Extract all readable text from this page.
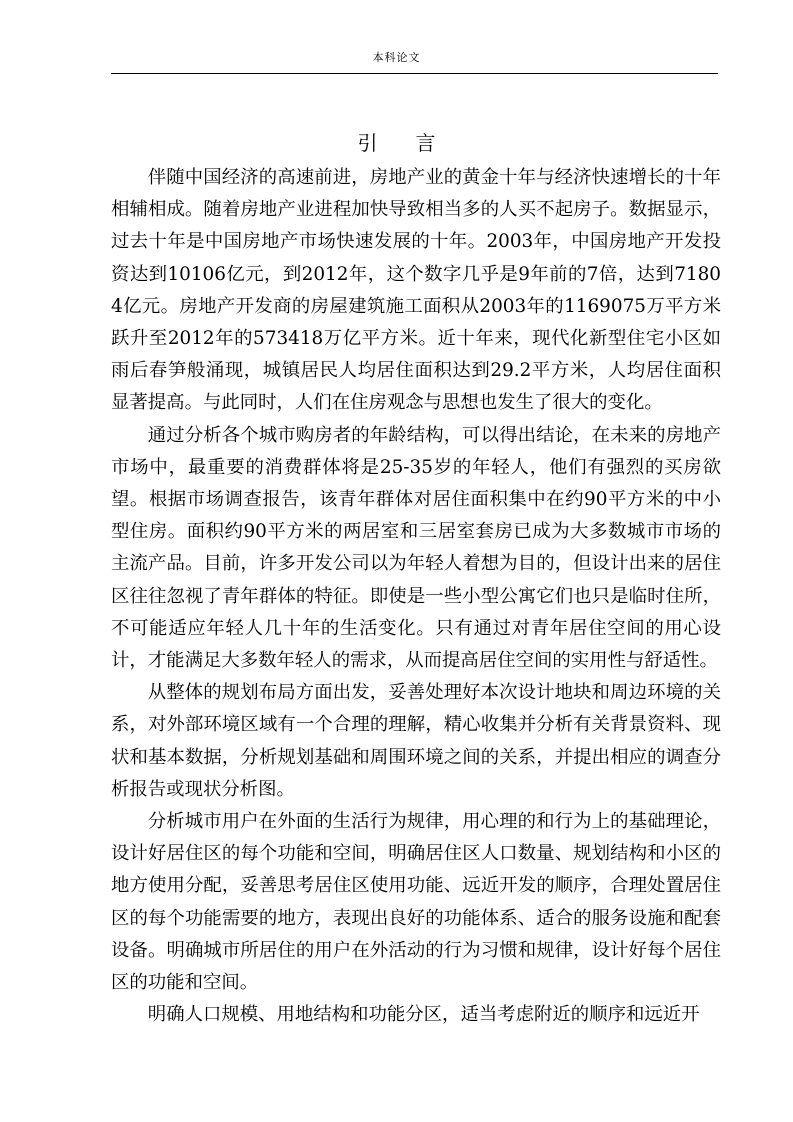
本科论文
引言

伴随中国经济的高速前进，房地产业的黄金十年与经济快速增长的十年相辅相成。随着房地产业进程加快导致相当多的人买不起房子。数据显示，过去十年是中国房地产市场快速发展的十年。2003年，中国房地产开发投资达到10106亿元，到2012年，这个数字几乎是9年前的7倍，达到71804亿元。房地产开发商的房屋建筑施工面积从2003年的1169075万平方米跃升至2012年的573418万亿平方米。近十年来，现代化新型住宅小区如雨后春笋般涌现，城镇居民人均居住面积达到29.2平方米，人均居住面积显著提高。与此同时，人们在住房观念与思想也发生了很大的变化。

通过分析各个城市购房者的年龄结构，可以得出结论，在未来的房地产市场中，最重要的消费群体将是25-35岁的年轻人，他们有强烈的买房欲望。根据市场调查报告，该青年群体对居住面积集中在约90平方米的中小型住房。面积约90平方米的两居室和三居室套房已成为大多数城市市场的主流产品。目前，许多开发公司以为年轻人着想为目的，但设计出来的居住区往往忽视了青年群体的特征。即使是一些小型公寓它们也只是临时住所，不可能适应年轻人几十年的生活变化。只有通过对青年居住空间的用心设计，才能满足大多数年轻人的需求，从而提高居住空间的实用性与舒适性。

从整体的规划布局方面出发，妥善处理好本次设计地块和周边环境的关系，对外部环境区域有一个合理的理解，精心收集并分析有关背景资料、现状和基本数据，分析规划基础和周围环境之间的关系，并提出相应的调查分析报告或现状分析图。

分析城市用户在外面的生活行为规律，用心理的和行为上的基础理论，设计好居住区的每个功能和空间，明确居住区人口数量、规划结构和小区的地方使用分配，妥善思考居住区使用功能、远近开发的顺序，合理处置居住区的每个功能需要的地方，表现出良好的功能体系、适合的服务设施和配套设备。明确城市所居住的用户在外活动的行为习惯和规律，设计好每个居住区的功能和空间。

明确人口规模、用地结构和功能分区，适当考虑附近的顺序和远近开
